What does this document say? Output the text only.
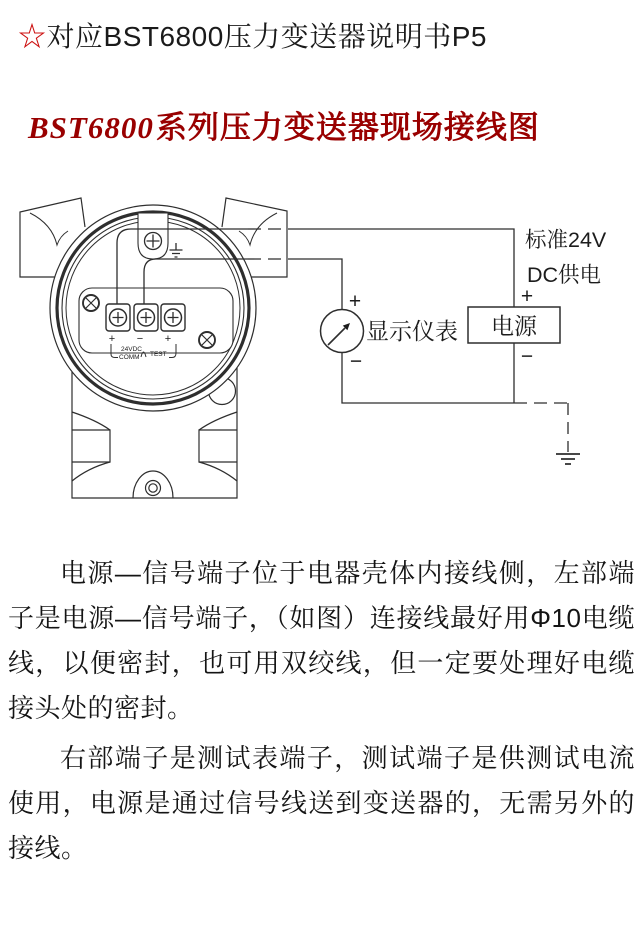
☆对应BST6800压力变送器说明书P5
BST6800系列压力变送器现场接线图
+ − +
24VDC
COMM TEST
+
−
显示仪表 电源
+
−
标准24V
DC供电
电源—信号端子位于电器壳体内接线侧，左部端子是电源—信号端子，（如图）连接线最好用Φ10电缆线，以便密封，也可用双绞线，但一定要处理好电缆接头处的密封。
右部端子是测试表端子，测试端子是供测试电流使用，电源是通过信号线送到变送器的，无需另外的接线。
